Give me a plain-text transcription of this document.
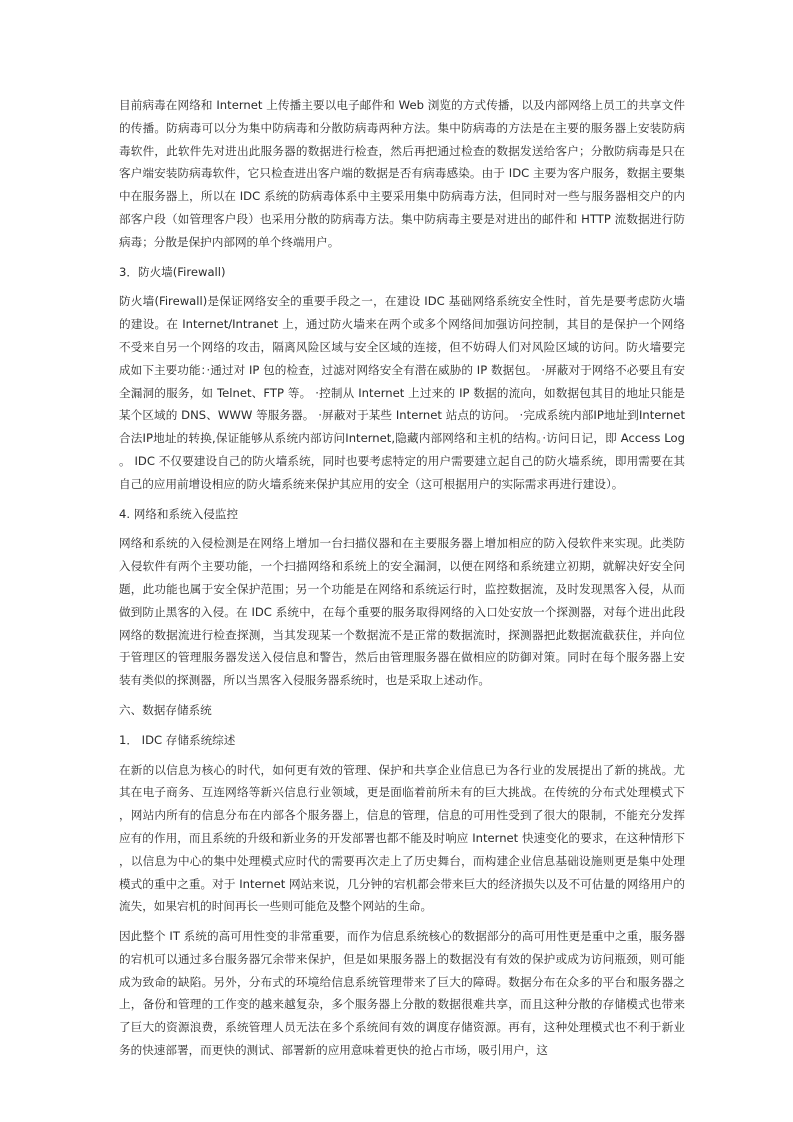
目前病毒在网络和 Internet 上传播主要以电子邮件和 Web 浏览的方式传播，以及内部网络上员工的共享文件的传播。防病毒可以分为集中防病毒和分散防病毒两种方法。集中防病毒的方法是在主要的服务器上安装防病毒软件，此软件先对进出此服务器的数据进行检查，然后再把通过检查的数据发送给客户；分散防病毒是只在客户端安装防病毒软件，它只检查进出客户端的数据是否有病毒感染。由于 IDC 主要为客户服务，数据主要集中在服务器上，所以在 IDC 系统的防病毒体系中主要采用集中防病毒方法，但同时对一些与服务器相交户的内部客户段（如管理客户段）也采用分散的防病毒方法。集中防病毒主要是对进出的邮件和 HTTP 流数据进行防病毒；分散是保护内部网的单个终端用户。

3．防火墙(Firewall)

防火墙(Firewall)是保证网络安全的重要手段之一，在建设 IDC 基础网络系统安全性时，首先是要考虑防火墙的建设。在 Internet/Intranet 上，通过防火墙来在两个或多个网络间加强访问控制，其目的是保护一个网络不受来自另一个网络的攻击，隔离风险区域与安全区域的连接，但不妨碍人们对风险区域的访问。防火墙要完成如下主要功能：·通过对 IP 包的检查，过滤对网络安全有潜在威胁的 IP 数据包。 ·屏蔽对于网络不必要且有安全漏洞的服务，如 Telnet、FTP 等。 ·控制从 Internet 上过来的 IP 数据的流向，如数据包其目的地址只能是某个区域的 DNS、WWW 等服务器。 ·屏蔽对于某些 Internet 站点的访问。 ·完成系统内部IP地址到Internet合法IP地址的转换,保证能够从系统内部访问Internet,隐藏内部网络和主机的结构。·访问日记，即 Access Log 。 IDC 不仅要建设自己的防火墙系统，同时也要考虑特定的用户需要建立起自己的防火墙系统，即用需要在其自己的应用前增设相应的防火墙系统来保护其应用的安全（这可根据用户的实际需求再进行建设）。

4. 网络和系统入侵监控

网络和系统的入侵检测是在网络上增加一台扫描仪器和在主要服务器上增加相应的防入侵软件来实现。此类防入侵软件有两个主要功能，一个扫描网络和系统上的安全漏洞，以便在网络和系统建立初期，就解决好安全问题，此功能也属于安全保护范围；另一个功能是在网络和系统运行时，监控数据流，及时发现黑客入侵，从而做到防止黑客的入侵。在 IDC 系统中，在每个重要的服务取得网络的入口处安放一个探测器，对每个进出此段网络的数据流进行检查探测，当其发现某一个数据流不是正常的数据流时，探测器把此数据流截获住，并向位于管理区的管理服务器发送入侵信息和警告，然后由管理服务器在做相应的防御对策。同时在每个服务器上安装有类似的探测器，所以当黑客入侵服务器系统时，也是采取上述动作。

六、数据存储系统

1． IDC 存储系统综述

在新的以信息为核心的时代，如何更有效的管理、保护和共享企业信息已为各行业的发展提出了新的挑战。尤其在电子商务、互连网络等新兴信息行业领域，更是面临着前所未有的巨大挑战。在传统的分布式处理模式下，网站内所有的信息分布在内部各个服务器上，信息的管理，信息的可用性受到了很大的限制，不能充分发挥应有的作用，而且系统的升级和新业务的开发部署也都不能及时响应 Internet 快速变化的要求，在这种情形下，以信息为中心的集中处理模式应时代的需要再次走上了历史舞台，而构建企业信息基础设施则更是集中处理模式的重中之重。对于 Internet 网站来说，几分钟的宕机都会带来巨大的经济损失以及不可估量的网络用户的流失，如果宕机的时间再长一些则可能危及整个网站的生命。

因此整个 IT 系统的高可用性变的非常重要，而作为信息系统核心的数据部分的高可用性更是重中之重，服务器的宕机可以通过多台服务器冗余带来保护，但是如果服务器上的数据没有有效的保护或成为访问瓶颈，则可能成为致命的缺陷。另外，分布式的环境给信息系统管理带来了巨大的障碍。数据分布在众多的平台和服务器之上，备份和管理的工作变的越来越复杂，多个服务器上分散的数据很难共享，而且这种分散的存储模式也带来了巨大的资源浪费，系统管理人员无法在多个系统间有效的调度存储资源。再有，这种处理模式也不利于新业务的快速部署，而更快的测试、部署新的应用意味着更快的抢占市场，吸引用户，这
